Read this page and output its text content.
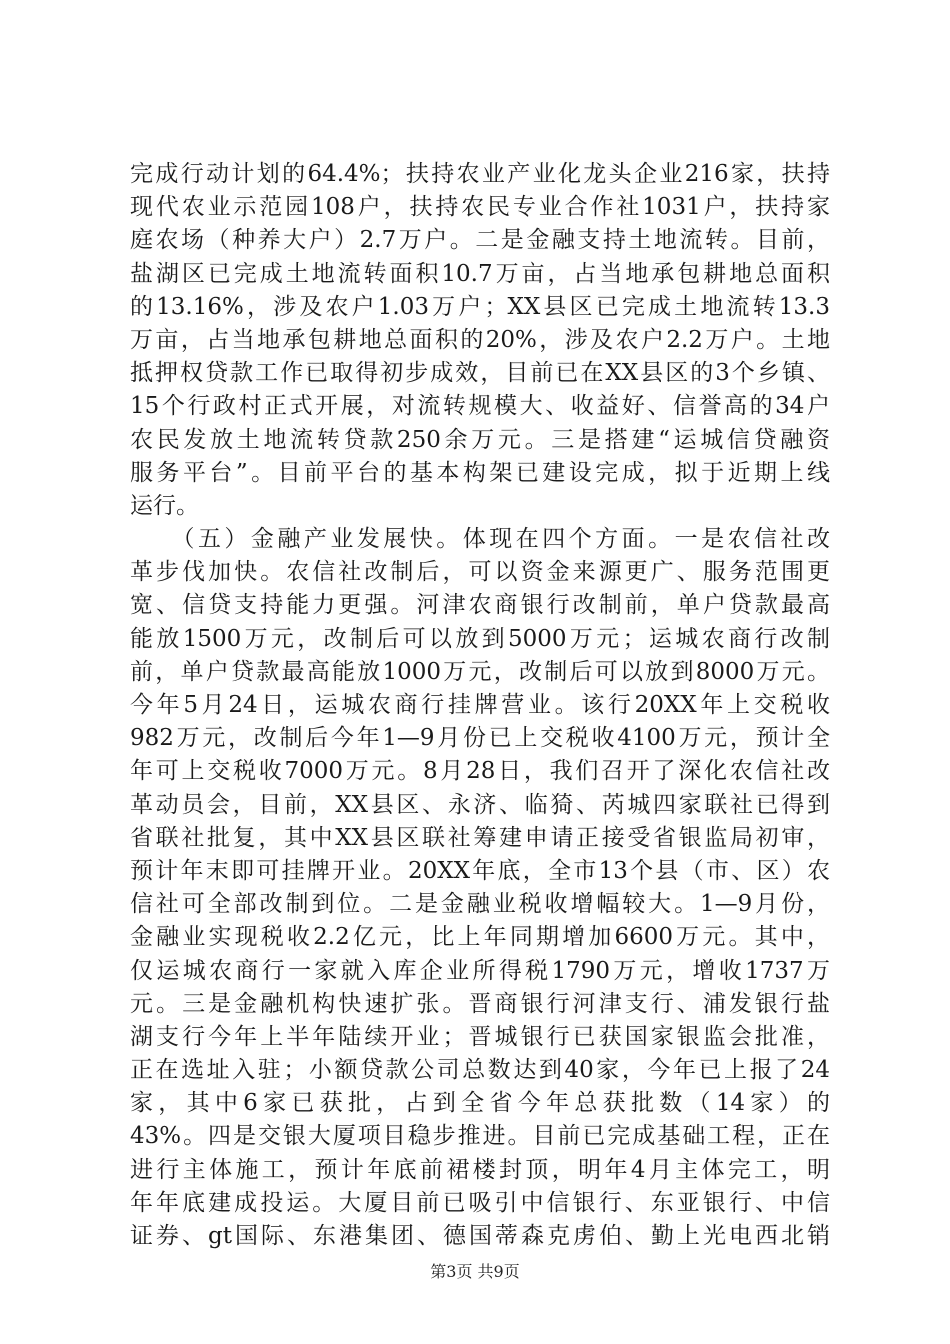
完成行动计划的64.4%；扶持农业产业化龙头企业216家，扶持
现代农业示范园108户，扶持农民专业合作社1031户，扶持家
庭农场（种养大户）2.7万户。二是金融支持土地流转。目前，
盐湖区已完成土地流转面积10.7万亩，占当地承包耕地总面积
的13.16%，涉及农户1.03万户；XX县区已完成土地流转13.3
万亩，占当地承包耕地总面积的20%，涉及农户2.2万户。土地
抵押权贷款工作已取得初步成效，目前已在XX县区的3个乡镇、
15个行政村正式开展，对流转规模大、收益好、信誉高的34户
农民发放土地流转贷款250余万元。三是搭建“运城信贷融资
服务平台”。目前平台的基本构架已建设完成，拟于近期上线
运行。
　　（五）金融产业发展快。体现在四个方面。一是农信社改
革步伐加快。农信社改制后，可以资金来源更广、服务范围更
宽、信贷支持能力更强。河津农商银行改制前，单户贷款最高
能放1500万元，改制后可以放到5000万元；运城农商行改制
前，单户贷款最高能放1000万元，改制后可以放到8000万元。
今年5月24日，运城农商行挂牌营业。该行20XX年上交税收
982万元，改制后今年1—9月份已上交税收4100万元，预计全
年可上交税收7000万元。8月28日，我们召开了深化农信社改
革动员会，目前，XX县区、永济、临猗、芮城四家联社已得到
省联社批复，其中XX县区联社筹建申请正接受省银监局初审，
预计年末即可挂牌开业。20XX年底，全市13个县（市、区）农
信社可全部改制到位。二是金融业税收增幅较大。1—9月份，
金融业实现税收2.2亿元，比上年同期增加6600万元。其中，
仅运城农商行一家就入库企业所得税1790万元，增收1737万
元。三是金融机构快速扩张。晋商银行河津支行、浦发银行盐
湖支行今年上半年陆续开业；晋城银行已获国家银监会批准，
正在选址入驻；小额贷款公司总数达到40家，今年已上报了24
家，其中6家已获批，占到全省今年总获批数（14家）的
43%。四是交银大厦项目稳步推进。目前已完成基础工程，正在
进行主体施工，预计年底前裙楼封顶，明年4月主体完工，明
年年底建成投运。大厦目前已吸引中信银行、东亚银行、中信
证券、gt国际、东港集团、德国蒂森克虏伯、勤上光电西北销
第3页 共9页
